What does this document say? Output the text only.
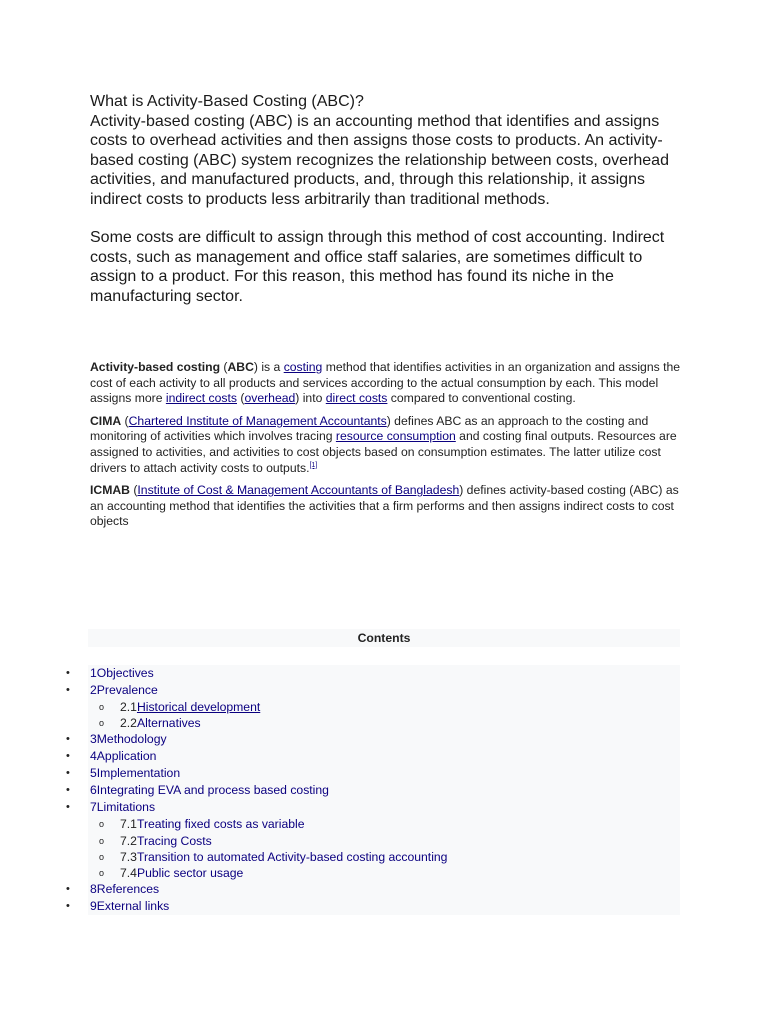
What is Activity-Based Costing (ABC)?

Activity-based costing (ABC) is an accounting method that identifies and assigns costs to overhead activities and then assigns those costs to products. An activity-based costing (ABC) system recognizes the relationship between costs, overhead activities, and manufactured products, and, through this relationship, it assigns indirect costs to products less arbitrarily than traditional methods.

Some costs are difficult to assign through this method of cost accounting. Indirect costs, such as management and office staff salaries, are sometimes difficult to assign to a product. For this reason, this method has found its niche in the manufacturing sector.

Activity-based costing (ABC) is a costing method that identifies activities in an organization and assigns the cost of each activity to all products and services according to the actual consumption by each. This model assigns more indirect costs (overhead) into direct costs compared to conventional costing.

CIMA (Chartered Institute of Management Accountants) defines ABC as an approach to the costing and monitoring of activities which involves tracing resource consumption and costing final outputs. Resources are assigned to activities, and activities to cost objects based on consumption estimates. The latter utilize cost drivers to attach activity costs to outputs.[1]

ICMAB (Institute of Cost & Management Accountants of Bangladesh) defines activity-based costing (ABC) as an accounting method that identifies the activities that a firm performs and then assigns indirect costs to cost objects

Contents
• 1Objectives
• 2Prevalence
o 2.1Historical development
o 2.2Alternatives
• 3Methodology
• 4Application
• 5Implementation
• 6Integrating EVA and process based costing
• 7Limitations
o 7.1Treating fixed costs as variable
o 7.2Tracing Costs
o 7.3Transition to automated Activity-based costing accounting
o 7.4Public sector usage
• 8References
• 9External links
